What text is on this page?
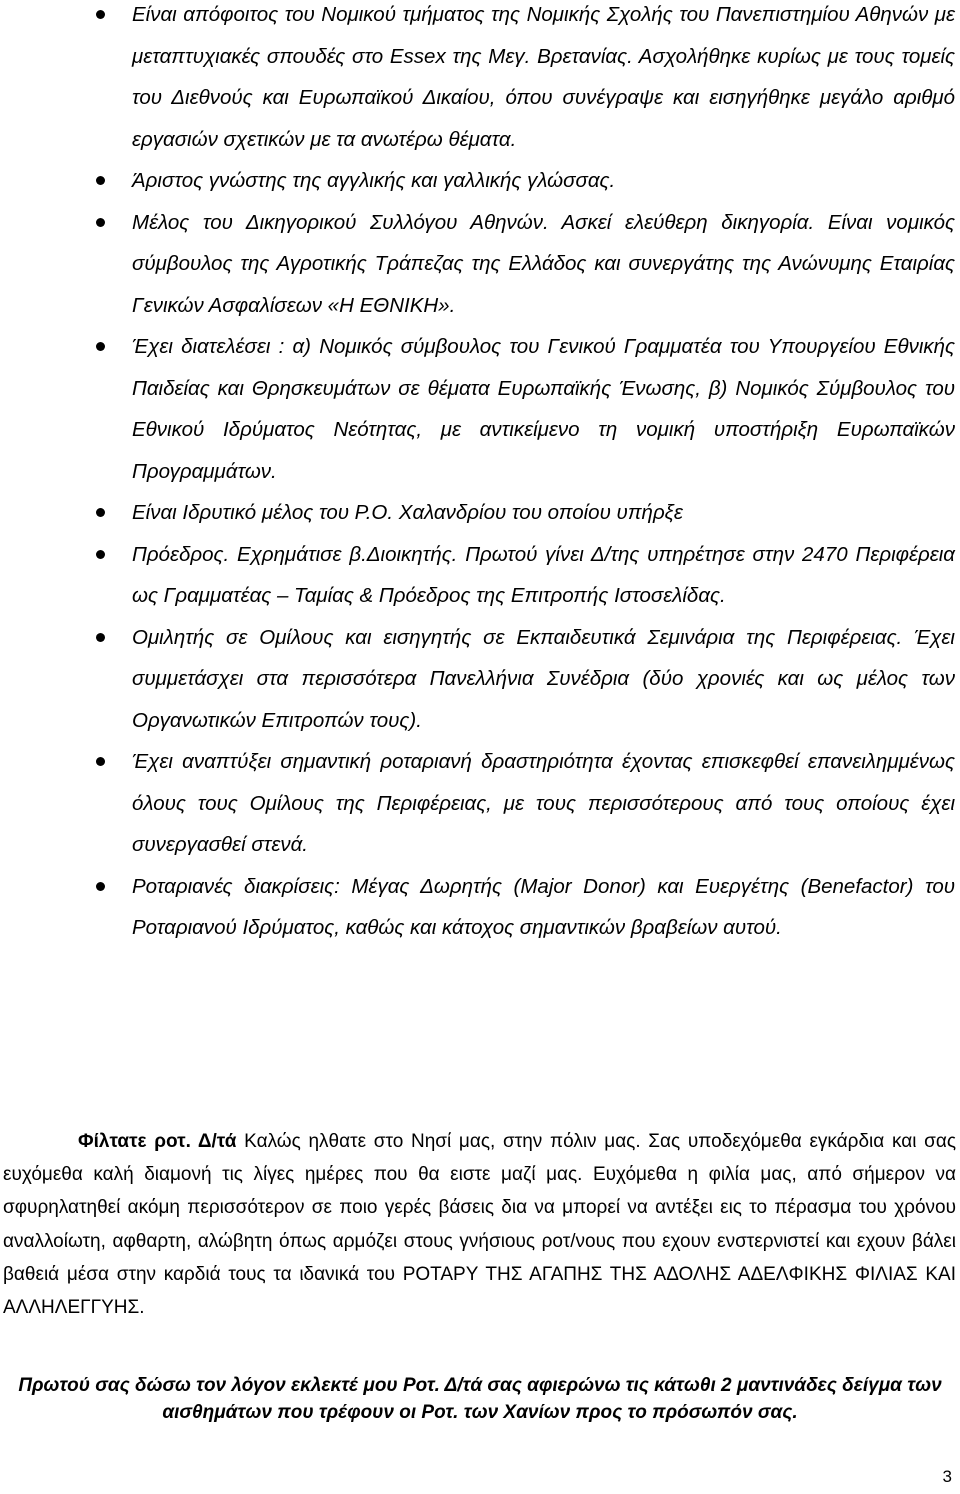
Είναι απόφοιτος του Νομικού τμήματος της Νομικής Σχολής του Πανεπιστημίου Αθηνών με μεταπτυχιακές σπουδές στο Essex της Μεγ. Βρετανίας. Ασχολήθηκε κυρίως με τους τομείς του Διεθνούς και Ευρωπαϊκού Δικαίου, όπου συνέγραψε και εισηγήθηκε μεγάλο αριθμό εργασιών σχετικών με τα ανωτέρω θέματα.
Άριστος γνώστης της αγγλικής και γαλλικής γλώσσας.
Μέλος του Δικηγορικού Συλλόγου Αθηνών. Ασκεί ελεύθερη δικηγορία. Είναι νομικός σύμβουλος της Αγροτικής Τράπεζας της Ελλάδος και συνεργάτης της Ανώνυμης Εταιρίας Γενικών Ασφαλίσεων «Η ΕΘΝΙΚΗ».
Έχει διατελέσει : α) Νομικός σύμβουλος του Γενικού Γραμματέα του Υπουργείου Εθνικής Παιδείας και Θρησκευμάτων σε θέματα Ευρωπαϊκής Ένωσης, β) Νομικός Σύμβουλος του Εθνικού Ιδρύματος Νεότητας, με αντικείμενο τη νομική υποστήριξη Ευρωπαϊκών Προγραμμάτων.
Είναι Ιδρυτικό μέλος του Ρ.Ο. Χαλανδρίου του οποίου υπήρξε
Πρόεδρος. Εχρημάτισε β.Διοικητής. Πρωτού γίνει Δ/της υπηρέτησε στην 2470 Περιφέρεια ως Γραμματέας – Ταμίας & Πρόεδρος της Επιτροπής Ιστοσελίδας.
Ομιλητής σε Ομίλους και εισηγητής σε Εκπαιδευτικά Σεμινάρια της Περιφέρειας. Έχει συμμετάσχει στα περισσότερα Πανελλήνια Συνέδρια (δύο χρονιές και ως μέλος των Οργανωτικών Επιτροπών τους).
Έχει αναπτύξει σημαντική ροταριανή δραστηριότητα έχοντας επισκεφθεί επανειλημμένως όλους τους Ομίλους της Περιφέρειας, με τους περισσότερους από τους οποίους έχει συνεργασθεί στενά.
Ροταριανές διακρίσεις: Μέγας Δωρητής (Major Donor) και Ευεργέτης (Benefactor) του Ροταριανού Ιδρύματος, καθώς και κάτοχος σημαντικών βραβείων αυτού.

Φίλτατε ροτ. Δ/τά Καλώς ηλθατε στο Νησί μας, στην πόλιν μας. Σας υποδεχόμεθα εγκάρδια και σας ευχόμεθα καλή διαμονή τις λίγες ημέρες που θα ειστε μαζί μας. Ευχόμεθα η φιλία μας, από σήμερον να σφυρηλατηθεί ακόμη περισσότερον σε ποιο γερές βάσεις δια να μπορεί να αντέξει εις το πέρασμα του χρόνου αναλλοίωτη, αφθαρτη, αλώβητη όπως αρμόζει στους γνήσιους ροτ/νους που εχουν ενστερνιστεί και εχουν βάλει βαθειά μέσα στην καρδιά τους τα ιδανικά του ΡΟΤΑΡΥ ΤΗΣ ΑΓΑΠΗΣ ΤΗΣ ΑΔΟΛΗΣ ΑΔΕΛΦΙΚΗΣ ΦΙΛΙΑΣ ΚΑΙ ΑΛΛΗΛΕΓΓΥΗΣ.

Πρωτού σας δώσω τον λόγον εκλεκτέ μου Ροτ. Δ/τά σας αφιερώνω τις κάτωθι 2 μαντινάδες δείγμα των αισθημάτων που τρέφουν οι Ροτ. των Χανίων προς το πρόσωπόν σας.

3
